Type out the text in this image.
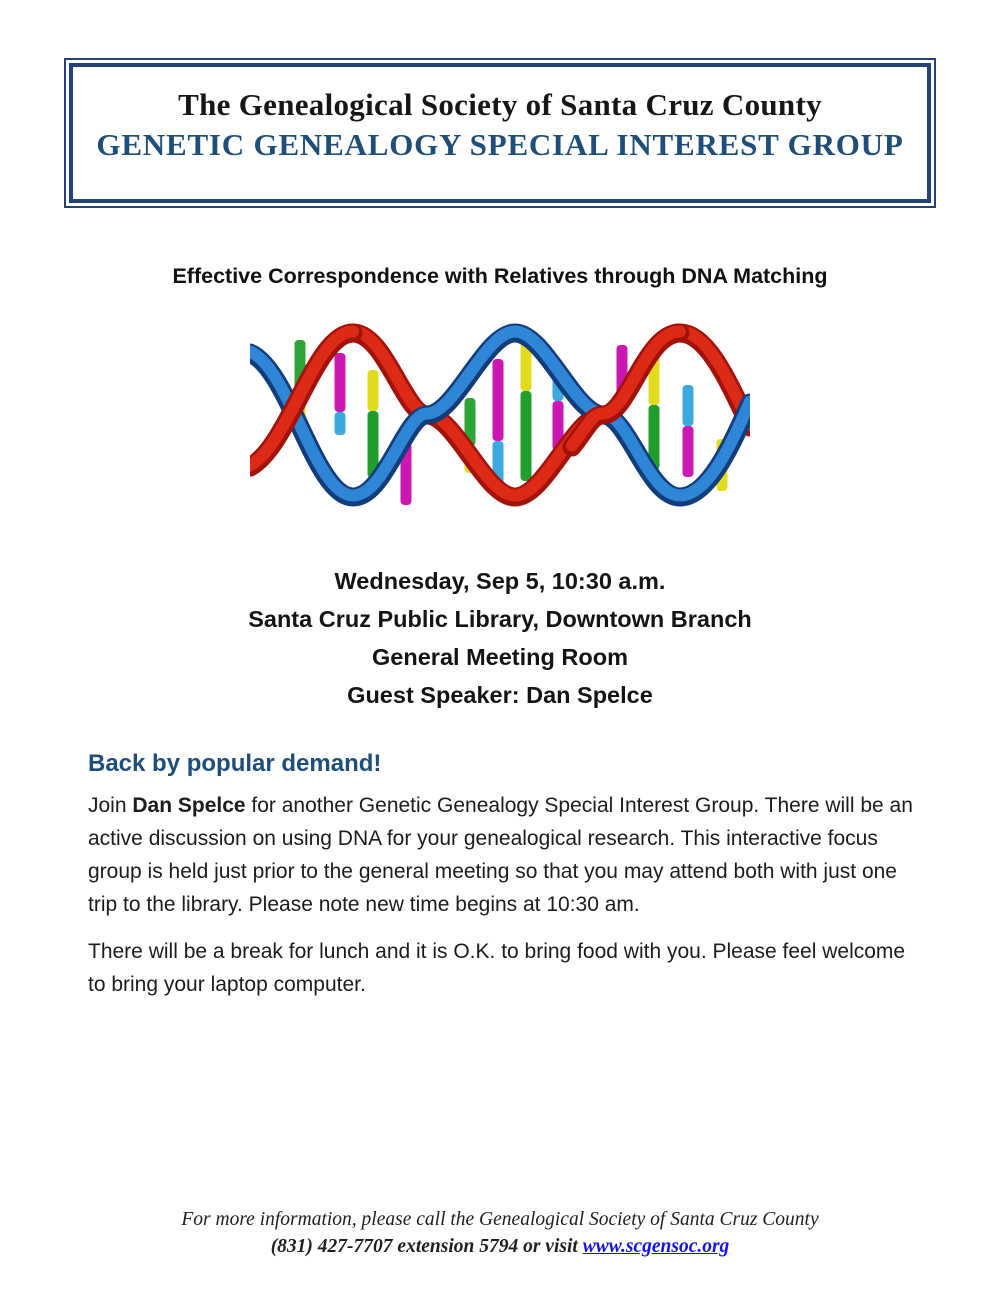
The Genealogical Society of Santa Cruz County
GENETIC GENEALOGY SPECIAL INTEREST GROUP
Effective Correspondence with Relatives through DNA Matching
Wednesday, Sep 5, 10:30 a.m.
Santa Cruz Public Library, Downtown Branch
General Meeting Room
Guest Speaker: Dan Spelce
Back by popular demand!

Join Dan Spelce for another Genetic Genealogy Special Interest Group. There will be an active discussion on using DNA for your genealogical research. This interactive focus group is held just prior to the general meeting so that you may attend both with just one trip to the library. Please note new time begins at 10:30 am.

There will be a break for lunch and it is O.K. to bring food with you. Please feel welcome to bring your laptop computer.

For more information, please call the Genealogical Society of Santa Cruz County
(831) 427-7707 extension 5794 or visit www.scgensoc.org
